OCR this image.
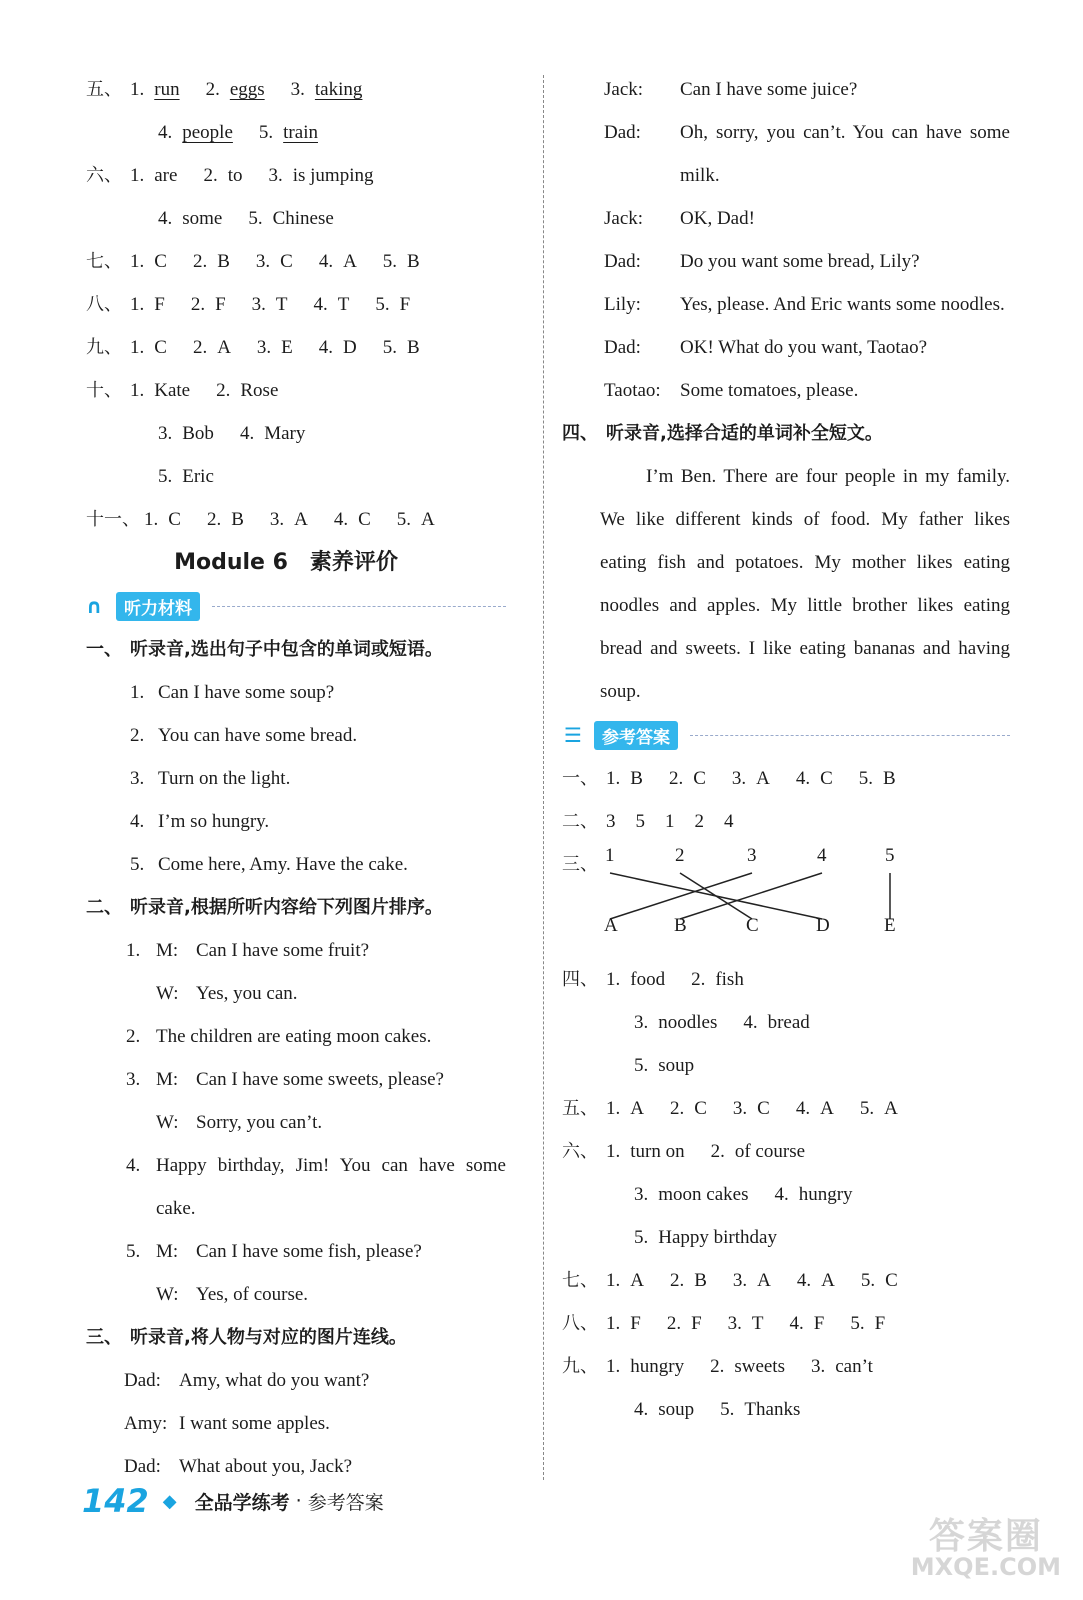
五、 1. run 2. eggs 3. taking
4. people 5. train
六、 1. are 2. to 3. is jumping
4. some 5. Chinese
七、 1. C 2. B 3. C 4. A 5. B
八、 1. F 2. F 3. T 4. T 5. F
九、 1. C 2. A 3. E 4. D 5. B
十、 1. Kate 2. Rose
3. Bob 4. Mary
5. Eric
十一、 1. C 2. B 3. A 4. C 5. A
Module 6 素养评价
∩	听力材料
一、 听录音,选出句子中包含的单词或短语。
1. Can I have some soup?
2. You can have some bread.
3. Turn on the light.
4. I’m so hungry.
5. Come here, Amy. Have the cake.
二、 听录音,根据所听内容给下列图片排序。
1. M: Can I have some fruit?
W: Yes, you can.
2. The children are eating moon cakes.
3. M: Can I have some sweets, please?
W: Sorry, you can’t.
4. Happy birthday, Jim! You can have some cake.
5. M: Can I have some fish, please?
W: Yes, of course.
三、 听录音,将人物与对应的图片连线。
Dad: Amy, what do you want?
Amy: I want some apples.
Dad: What about you, Jack?
Jack:	Can I have some juice?
Dad:	Oh, sorry, you can’t. You can have some milk.
Jack:	OK, Dad!
Dad:	Do you want some bread, Lily?
Lily:	Yes, please. And Eric wants some noodles.
Dad:	OK! What do you want, Taotao?
Taotao:	Some tomatoes, please.
四、 听录音,选择合适的单词补全短文。
I’m Ben. There are four people in my family. We like different kinds of food. My father likes eating fish and potatoes. My mother likes eating noodles and apples. My little brother likes eating bread and sweets. I like eating bananas and having soup.
☰	参考答案
一、 1. B 2. C 3. A 4. C 5. B
二、 3 5 1 2 4
三、 1	2	3	4	5
A	B	C	D	E
四、 1. food 2. fish
3. noodles 4. bread
5. soup
五、 1. A 2. C 3. C 4. A 5. A
六、 1. turn on 2. of course
3. moon cakes 4. hungry
5. Happy birthday
七、 1. A 2. B 3. A 4. A 5. C
八、 1. F 2. F 3. T 4. F 5. F
九、 1. hungry 2. sweets 3. can’t
4. soup 5. Thanks
142 ◆ 全品学练考 · 参考答案
答案圈
MXQE.COM
